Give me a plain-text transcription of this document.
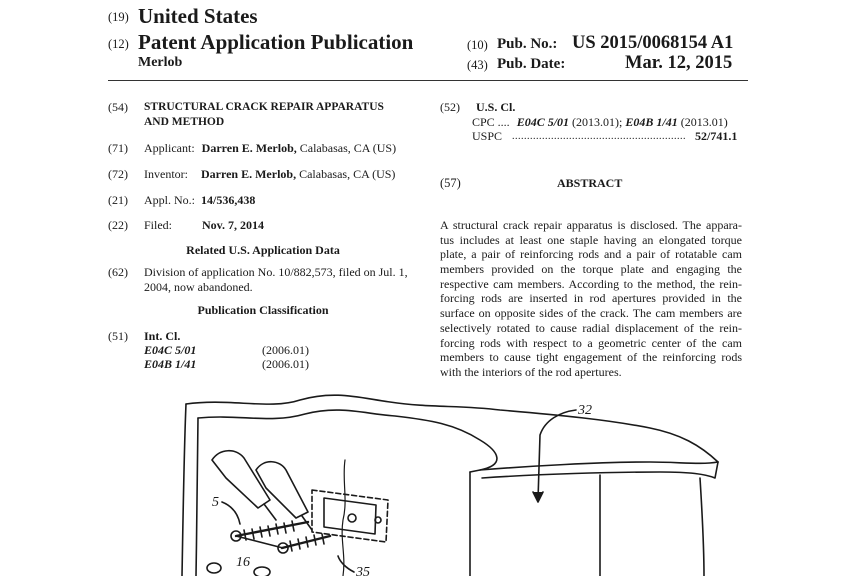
(19) United States
(12) Patent Application Publication
Merlob
(10) Pub. No.: US 2015/0068154 A1
(43) Pub. Date:	Mar. 12, 2015
(54) STRUCTURAL CRACK REPAIR APPARATUS
AND METHOD
(71) Applicant: Darren E. Merlob, Calabasas, CA (US)
(72) Inventor: Darren E. Merlob, Calabasas, CA (US)
(21) Appl. No.: 14/536,438
(22) Filed: Nov. 7, 2014
Related U.S. Application Data
(62) Division of application No. 10/882,573, filed on Jul. 1,
2004, now abandoned.
Publication Classification
(51) Int. Cl.
E04C 5/01	(2006.01)
E04B 1/41	(2006.01)
(52) U.S. Cl.
CPC .... E04C 5/01 (2013.01); E04B 1/41 (2013.01)
USPC .......................................................... 52/741.1
(57)	ABSTRACT
A structural crack repair apparatus is disclosed. The appara-
tus includes at least one staple having an elongated torque
plate, a pair of reinforcing rods and a pair of rotatable cam
members provided on the torque plate and engaging the
respective cam members. According to the method, the rein-
forcing rods are inserted in rod apertures provided in the
surface on opposite sides of the crack. The cam members are
selectively rotated to cause radial displacement of the rein-
forcing rods with respect to a geometric center of the cam
members to cause tight engagement of the reinforcing rods
with the interiors of the rod apertures.
32
5
16
35
